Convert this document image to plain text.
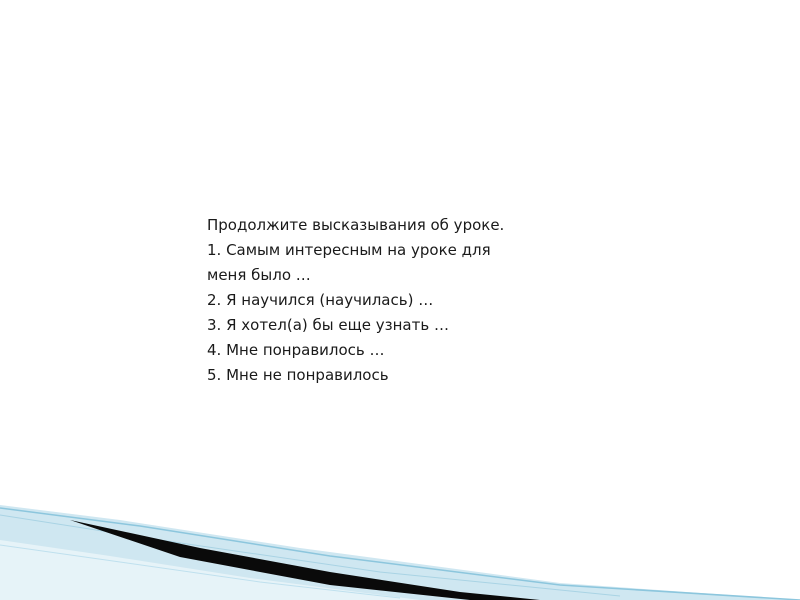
Продолжите высказывания об уроке.
1. Самым интересным на уроке для
меня было …
2. Я научился (научилась) …
3. Я хотел(а) бы еще узнать …
4. Мне понравилось …
5. Мне не понравилось
